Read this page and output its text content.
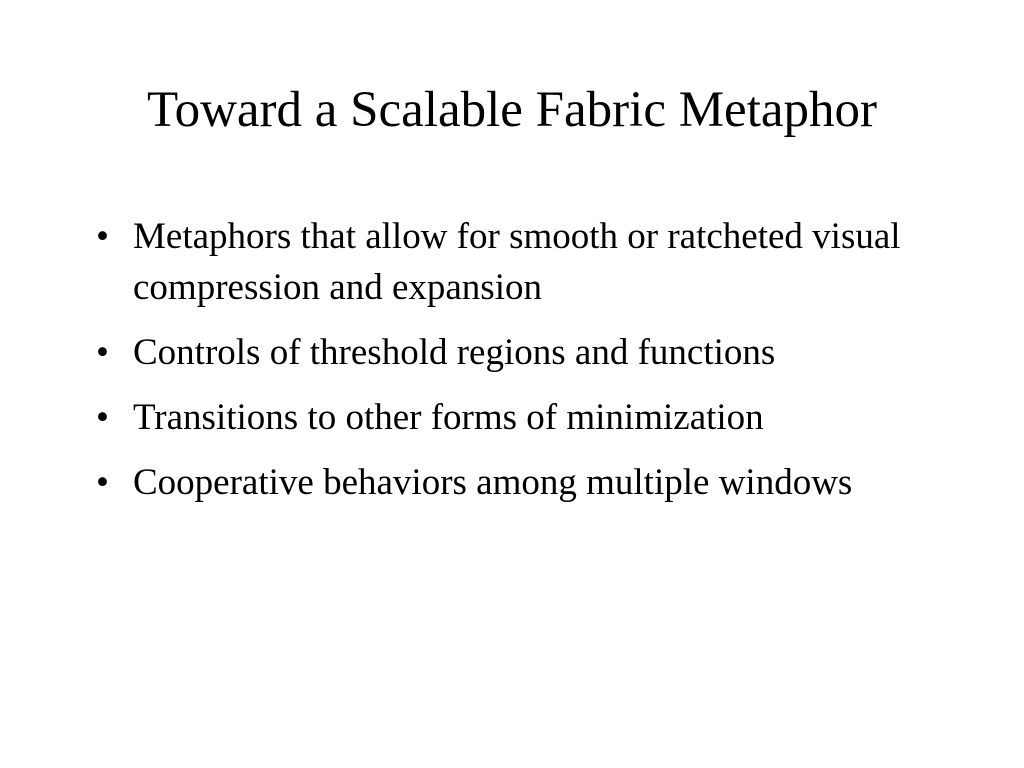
Toward a Scalable Fabric Metaphor
• Metaphors that allow for smooth or ratcheted visual compression and expansion
• Controls of threshold regions and functions
• Transitions to other forms of minimization
• Cooperative behaviors among multiple windows
